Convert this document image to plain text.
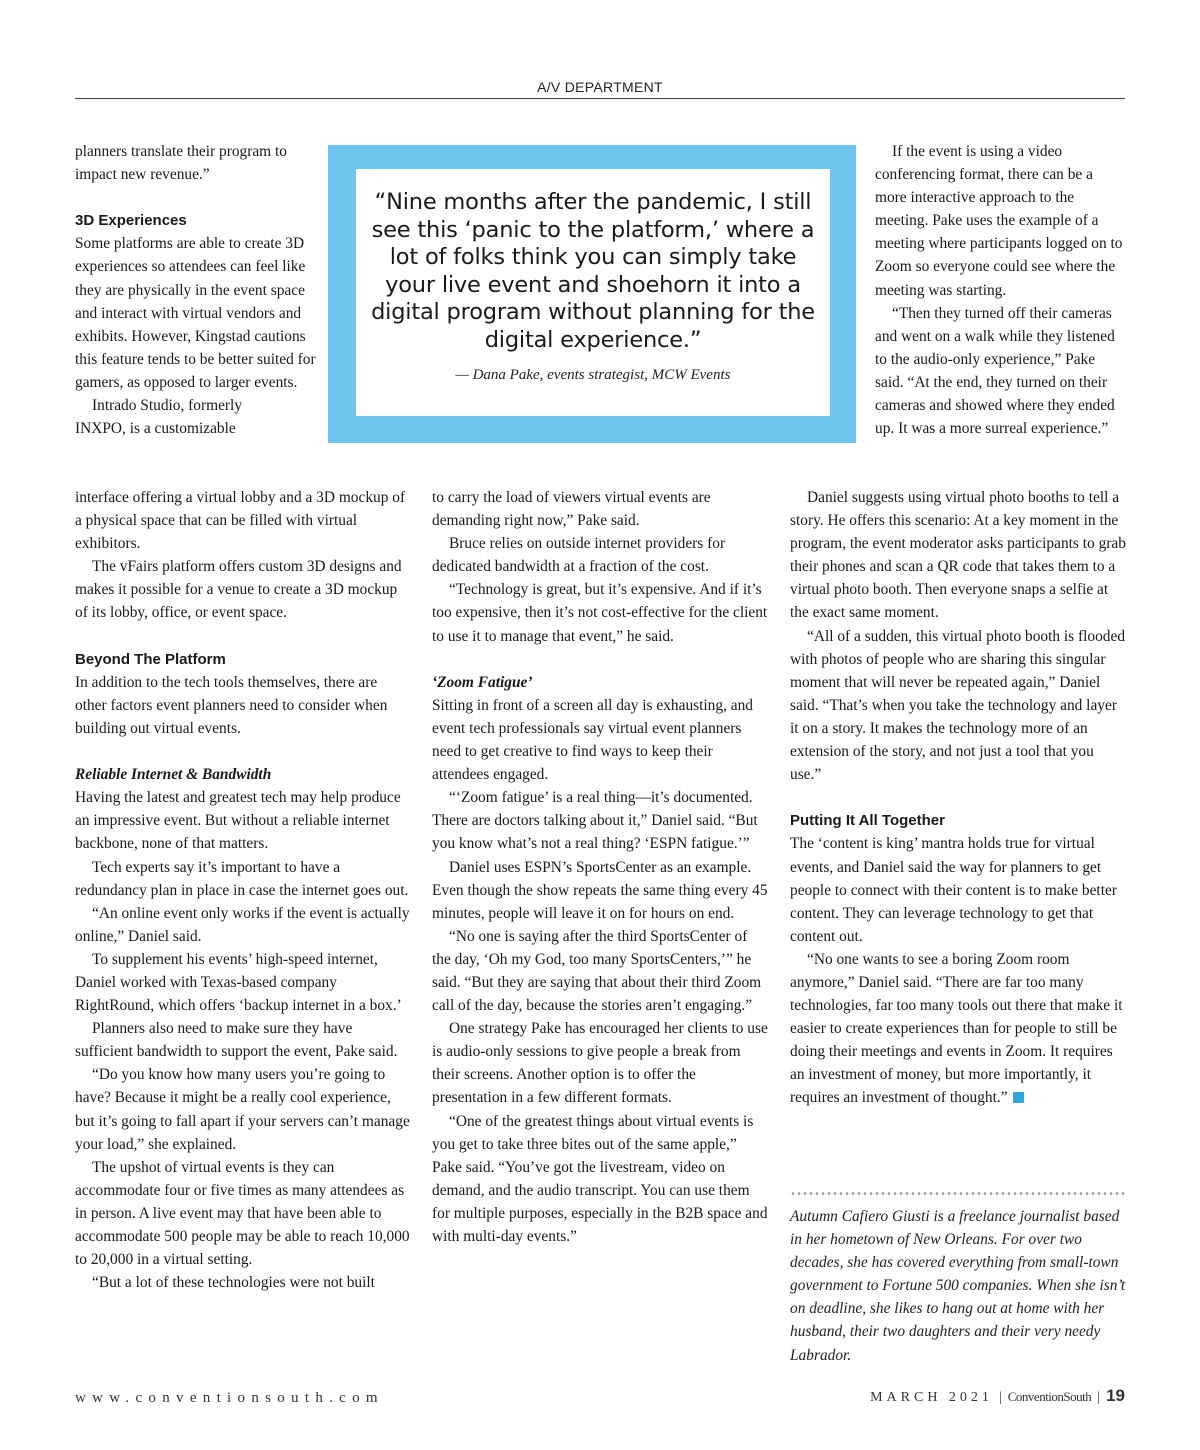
A/V DEPARTMENT

planners translate their program to impact new revenue.”

3D Experiences

Some platforms are able to create 3D experiences so attendees can feel like they are physically in the event space and interact with virtual vendors and exhibits. However, Kingstad cautions this feature tends to be better suited for gamers, as opposed to larger events.

Intrado Studio, formerly INXPO, is a customizable

interface offering a virtual lobby and a 3D mockup of a physical space that can be filled with virtual exhibitors.

The vFairs platform offers custom 3D designs and makes it possible for a venue to create a 3D mockup of its lobby, office, or event space.

Beyond The Platform

In addition to the tech tools themselves, there are other factors event planners need to consider when building out virtual events.

Reliable Internet & Bandwidth

Having the latest and greatest tech may help produce an impressive event. But without a reliable internet backbone, none of that matters.

Tech experts say it’s important to have a redundancy plan in place in case the internet goes out.

“An online event only works if the event is actually online,” Daniel said.

To supplement his events’ high-speed internet, Daniel worked with Texas-based company RightRound, which offers ‘backup internet in a box.’

Planners also need to make sure they have sufficient bandwidth to support the event, Pake said.

“Do you know how many users you’re going to have? Because it might be a really cool experience, but it’s going to fall apart if your servers can’t manage your load,” she explained.

The upshot of virtual events is they can accommodate four or five times as many attendees as in person. A live event may that have been able to accommodate 500 people may be able to reach 10,000 to 20,000 in a virtual setting.

“But a lot of these technologies were not built

“Nine months after the pandemic, I still see this ‘panic to the platform,’ where a lot of folks think you can simply take your live event and shoehorn it into a digital program without planning for the digital experience.”
— Dana Pake, events strategist, MCW Events

to carry the load of viewers virtual events are demanding right now,” Pake said.

Bruce relies on outside internet providers for dedicated bandwidth at a fraction of the cost.

“Technology is great, but it’s expensive. And if it’s too expensive, then it’s not cost-effective for the client to use it to manage that event,” he said.

‘Zoom Fatigue’

Sitting in front of a screen all day is exhausting, and event tech professionals say virtual event planners need to get creative to find ways to keep their attendees engaged.

“‘Zoom fatigue’ is a real thing—it’s documented. There are doctors talking about it,” Daniel said. “But you know what’s not a real thing? ‘ESPN fatigue.’”

Daniel uses ESPN’s SportsCenter as an example. Even though the show repeats the same thing every 45 minutes, people will leave it on for hours on end.

“No one is saying after the third SportsCenter of the day, ‘Oh my God, too many SportsCenters,’” he said. “But they are saying that about their third Zoom call of the day, because the stories aren’t engaging.”

One strategy Pake has encouraged her clients to use is audio-only sessions to give people a break from their screens. Another option is to offer the presentation in a few different formats.

“One of the greatest things about virtual events is you get to take three bites out of the same apple,” Pake said. “You’ve got the livestream, video on demand, and the audio transcript. You can use them for multiple purposes, especially in the B2B space and with multi-day events.”

If the event is using a video conferencing format, there can be a more interactive approach to the meeting. Pake uses the example of a meeting where participants logged on to Zoom so everyone could see where the meeting was starting.

“Then they turned off their cameras and went on a walk while they listened to the audio-only experience,” Pake said. “At the end, they turned on their cameras and showed where they ended up. It was a more surreal experience.”

Daniel suggests using virtual photo booths to tell a story. He offers this scenario: At a key moment in the program, the event moderator asks participants to grab their phones and scan a QR code that takes them to a virtual photo booth. Then everyone snaps a selfie at the exact same moment.

“All of a sudden, this virtual photo booth is flooded with photos of people who are sharing this singular moment that will never be repeated again,” Daniel said. “That’s when you take the technology and layer it on a story. It makes the technology more of an extension of the story, and not just a tool that you use.”

Putting It All Together

The ‘content is king’ mantra holds true for virtual events, and Daniel said the way for planners to get people to connect with their content is to make better content. They can leverage technology to get that content out.

“No one wants to see a boring Zoom room anymore,” Daniel said. “There are far too many technologies, far too many tools out there that make it easier to create experiences than for people to still be doing their meetings and events in Zoom. It requires an investment of money, but more importantly, it requires an investment of thought.”

Autumn Cafiero Giusti is a freelance journalist based in her hometown of New Orleans. For over two decades, she has covered everything from small-town government to Fortune 500 companies. When she isn’t on deadline, she likes to hang out at home with her husband, their two daughters and their very needy Labrador.
www.conventionsouth.com	MARCH 2021 | ConventionSouth | 19
